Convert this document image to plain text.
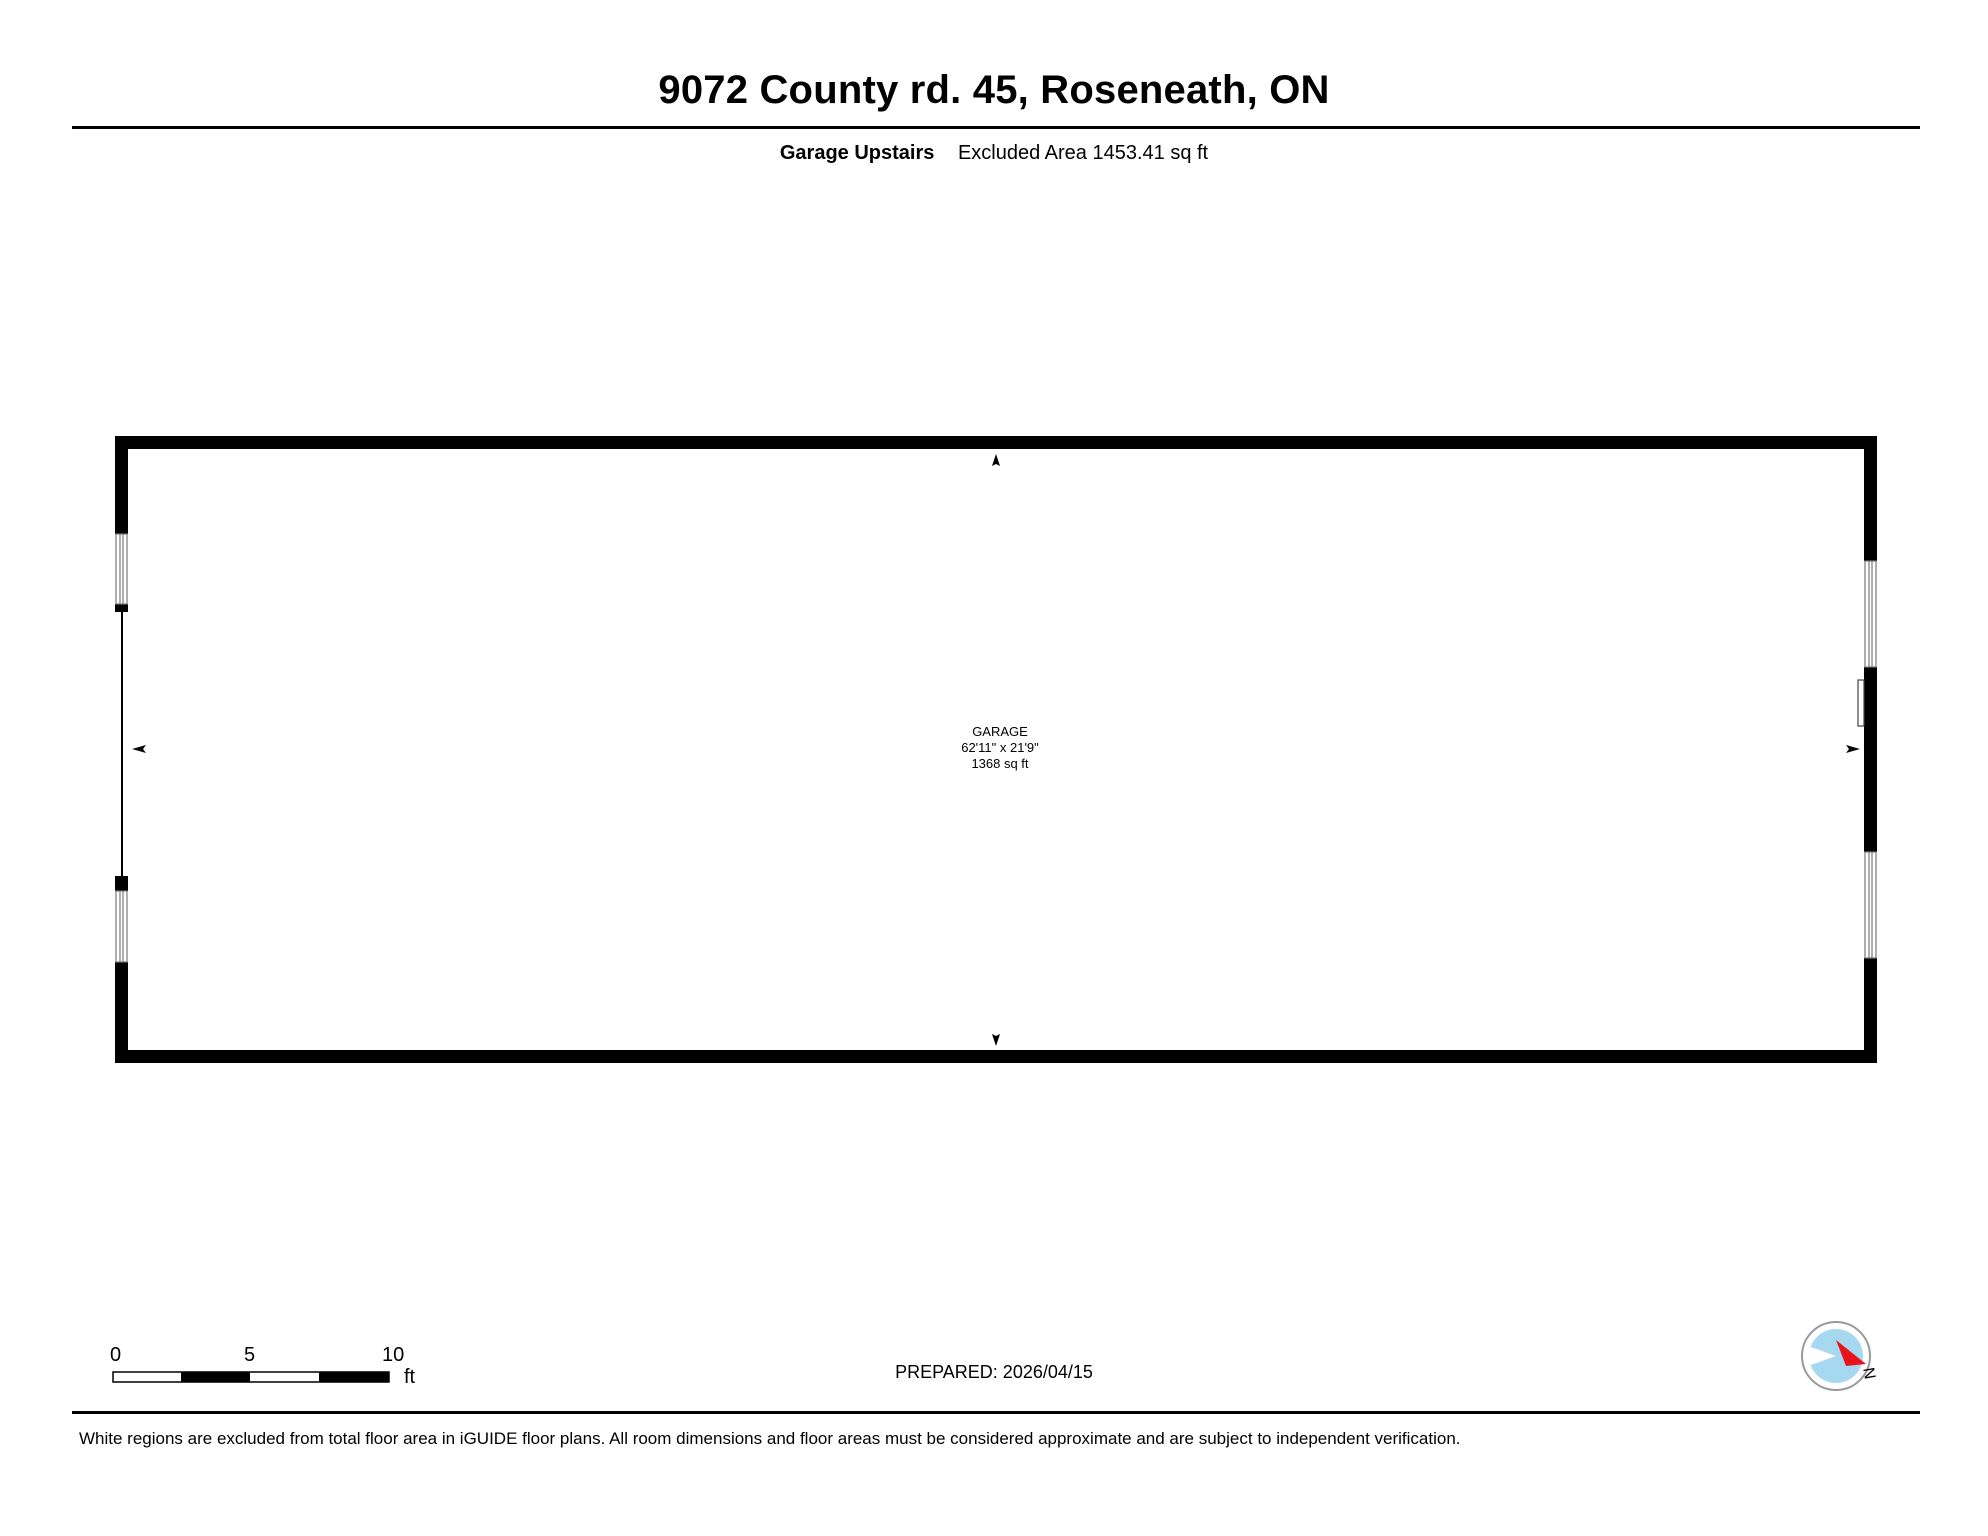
9072 County rd. 45, Roseneath, ON
Garage Upstairs Excluded Area 1453.41 sq ft
N
GARAGE
62'11" x 21'9"
1368 sq ft
0	5	10
ft	PREPARED: 2026/04/15
White regions are excluded from total floor area in iGUIDE floor plans. All room dimensions and floor areas must be considered approximate and are subject to independent verification.
